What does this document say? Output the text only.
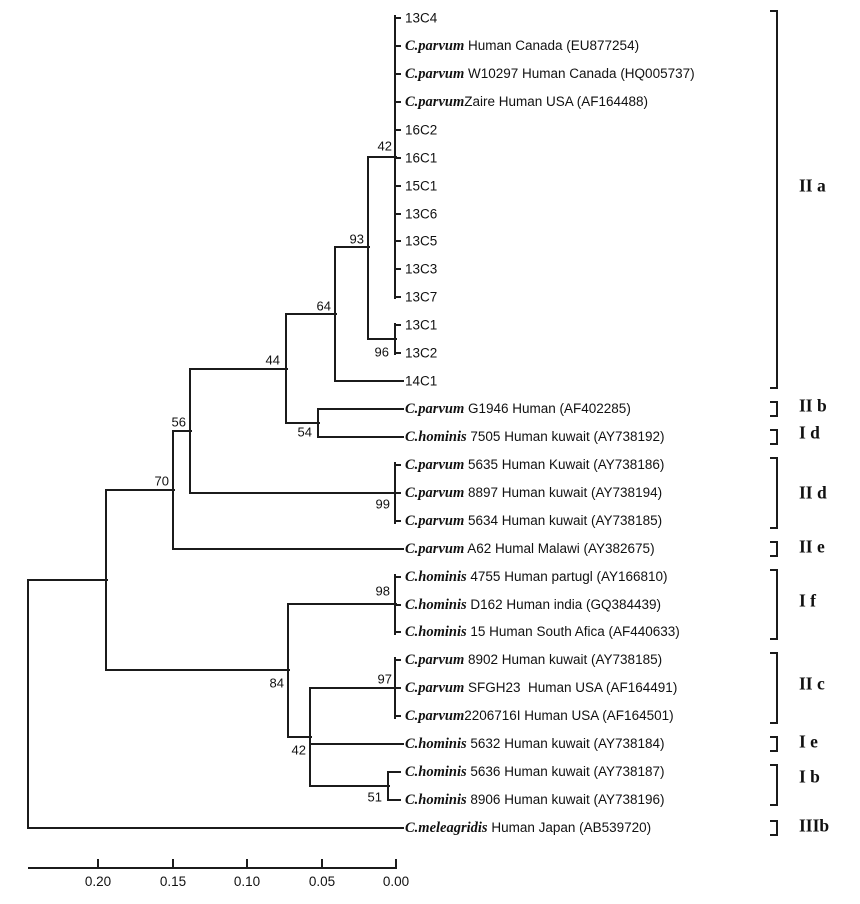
13C4
C.parvum Human Canada (EU877254)
C.parvum W10297 Human Canada (HQ005737)
C.parvumZaire Human USA (AF164488)
16C2
16C1
15C1
13C6
13C5
13C3
13C7
13C1
13C2
14C1
C.parvum G1946 Human (AF402285)
C.hominis 7505 Human kuwait (AY738192)
C.parvum 5635 Human Kuwait (AY738186)
C.parvum 8897 Human kuwait (AY738194)
C.parvum 5634 Human kuwait (AY738185)
C.parvum A62 Humal Malawi (AY382675)
C.hominis 4755 Human partugl (AY166810)
C.hominis D162 Human india (GQ384439)
C.hominis 15 Human South Afica (AF440633)
C.parvum 8902 Human kuwait (AY738185)
C.parvum SFGH23  Human USA (AF164491)
C.parvum2206716I Human USA (AF164501)
C.hominis 5632 Human kuwait (AY738184)
C.hominis 5636 Human kuwait (AY738187)
C.hominis 8906 Human kuwait (AY738196)
C.meleagridis Human Japan (AB539720)
42
93
64
44
56
70
96
54
99
98
97
84
42
51
II a
II b
I d
II d
II e
I f
II c
I e
I b
IIIb
0.20	0.15	0.10	0.05	0.00
